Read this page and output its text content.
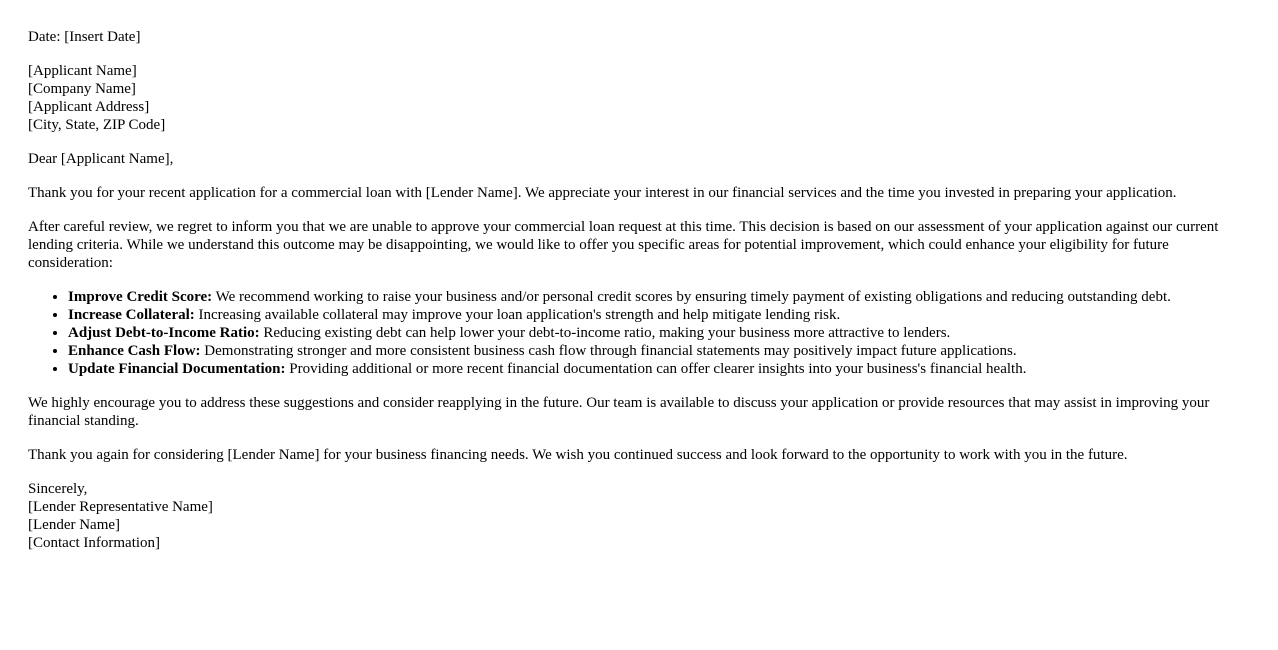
Date: [Insert Date]

[Applicant Name]
[Company Name]
[Applicant Address]
[City, State, ZIP Code]

Dear [Applicant Name],

Thank you for your recent application for a commercial loan with [Lender Name]. We appreciate your interest in our financial services and the time you invested in preparing your application.

After careful review, we regret to inform you that we are unable to approve your commercial loan request at this time. This decision is based on our assessment of your application against our current lending criteria. While we understand this outcome may be disappointing, we would like to offer you specific areas for potential improvement, which could enhance your eligibility for future consideration:

• Improve Credit Score: We recommend working to raise your business and/or personal credit scores by ensuring timely payment of existing obligations and reducing outstanding debt.
• Increase Collateral: Increasing available collateral may improve your loan application's strength and help mitigate lending risk.
• Adjust Debt-to-Income Ratio: Reducing existing debt can help lower your debt-to-income ratio, making your business more attractive to lenders.
• Enhance Cash Flow: Demonstrating stronger and more consistent business cash flow through financial statements may positively impact future applications.
• Update Financial Documentation: Providing additional or more recent financial documentation can offer clearer insights into your business's financial health.

We highly encourage you to address these suggestions and consider reapplying in the future. Our team is available to discuss your application or provide resources that may assist in improving your financial standing.

Thank you again for considering [Lender Name] for your business financing needs. We wish you continued success and look forward to the opportunity to work with you in the future.

Sincerely,
[Lender Representative Name]
[Lender Name]
[Contact Information]
